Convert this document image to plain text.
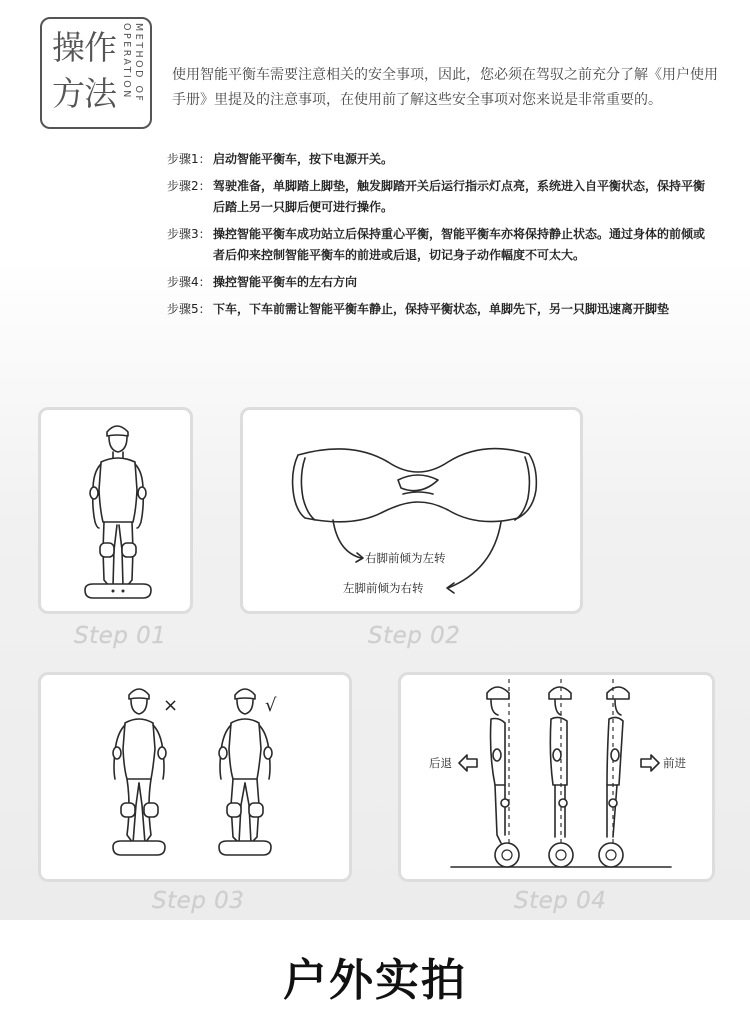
操作方法	METHOD OF OPERATION	使用智能平衡车需要注意相关的安全事项，因此，您必须在驾驭之前充分了解《用户使用手册》里提及的注意事项，在使用前了解这些安全事项对您来说是非常重要的。
步骤1： 启动智能平衡车，按下电源开关。
步骤2： 驾驶准备，单脚踏上脚垫，触发脚踏开关后运行指示灯点亮，系统进入自平衡状态，保持平衡后踏上另一只脚后便可进行操作。
步骤3： 操控智能平衡车成功站立后保持重心平衡，智能平衡车亦将保持静止状态。通过身体的前倾或者后仰来控制智能平衡车的前进或后退，切记身子动作幅度不可太大。
步骤4： 操控智能平衡车的左右方向
步骤5： 下车，下车前需让智能平衡车静止，保持平衡状态，单脚先下，另一只脚迅速离开脚垫
Step 01
右脚前倾为左转
左脚前倾为右转
Step 02
×	√
Step 03
后退	前进
Step 04
户外实拍
